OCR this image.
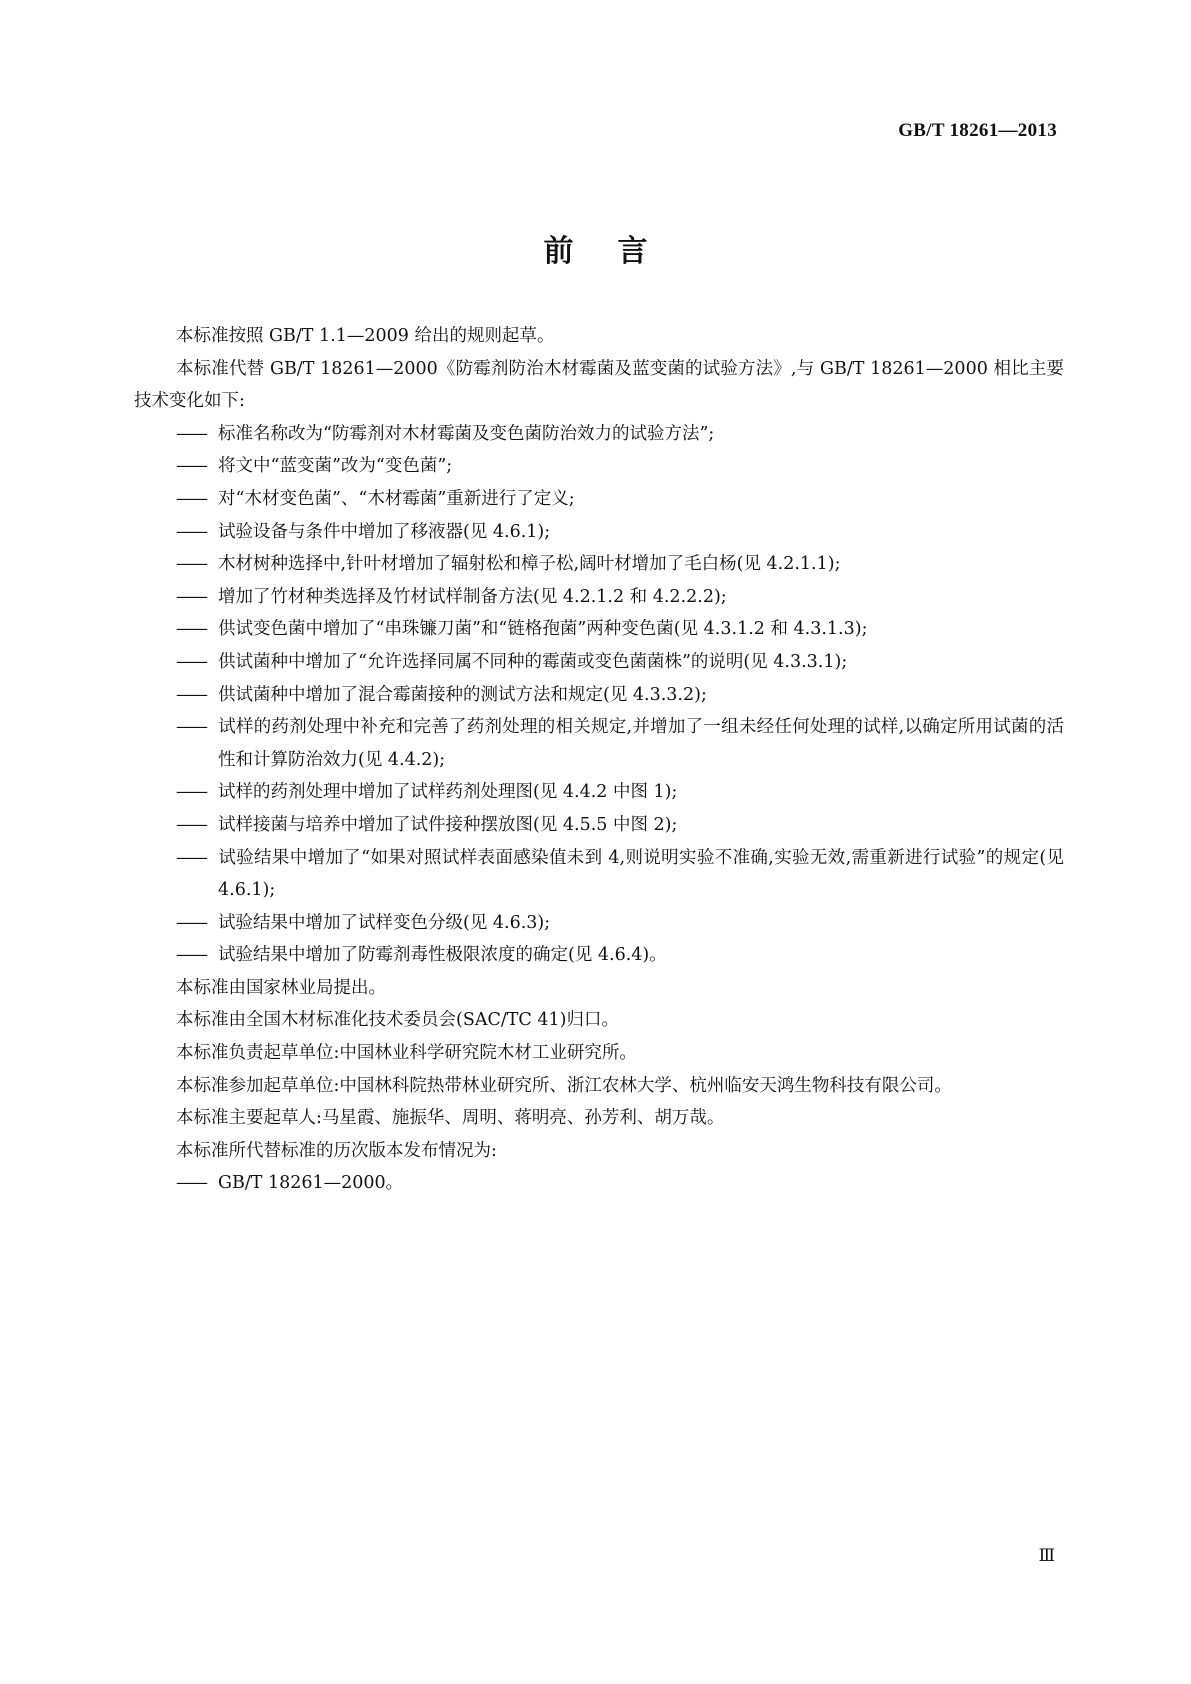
GB/T 18261—2013
前言

本标准按照 GB/T 1.1—2009 给出的规则起草。

本标准代替 GB/T 18261—2000《防霉剂防治木材霉菌及蓝变菌的试验方法》,与 GB/T 18261—2000 相比主要技术变化如下:

—— 标准名称改为“防霉剂对木材霉菌及变色菌防治效力的试验方法”;

—— 将文中“蓝变菌”改为“变色菌”;

—— 对“木材变色菌”、“木材霉菌”重新进行了定义;

—— 试验设备与条件中增加了移液器(见 4.6.1);

—— 木材树种选择中,针叶材增加了辐射松和樟子松,阔叶材增加了毛白杨(见 4.2.1.1);

—— 增加了竹材种类选择及竹材试样制备方法(见 4.2.1.2 和 4.2.2.2);

—— 供试变色菌中增加了“串珠镰刀菌”和“链格孢菌”两种变色菌(见 4.3.1.2 和 4.3.1.3);

—— 供试菌种中增加了“允许选择同属不同种的霉菌或变色菌菌株”的说明(见 4.3.3.1);

—— 供试菌种中增加了混合霉菌接种的测试方法和规定(见 4.3.3.2);

—— 试样的药剂处理中补充和完善了药剂处理的相关规定,并增加了一组未经任何处理的试样,以确定所用试菌的活性和计算防治效力(见 4.4.2);

—— 试样的药剂处理中增加了试样药剂处理图(见 4.4.2 中图 1);

—— 试样接菌与培养中增加了试件接种摆放图(见 4.5.5 中图 2);

—— 试验结果中增加了“如果对照试样表面感染值未到 4,则说明实验不准确,实验无效,需重新进行试验”的规定(见 4.6.1);

—— 试验结果中增加了试样变色分级(见 4.6.3);

—— 试验结果中增加了防霉剂毒性极限浓度的确定(见 4.6.4)。

本标准由国家林业局提出。

本标准由全国木材标准化技术委员会(SAC/TC 41)归口。

本标准负责起草单位:中国林业科学研究院木材工业研究所。

本标准参加起草单位:中国林科院热带林业研究所、浙江农林大学、杭州临安天鸿生物科技有限公司。

本标准主要起草人:马星霞、施振华、周明、蒋明亮、孙芳利、胡万哉。

本标准所代替标准的历次版本发布情况为:

—— GB/T 18261—2000。

Ⅲ
